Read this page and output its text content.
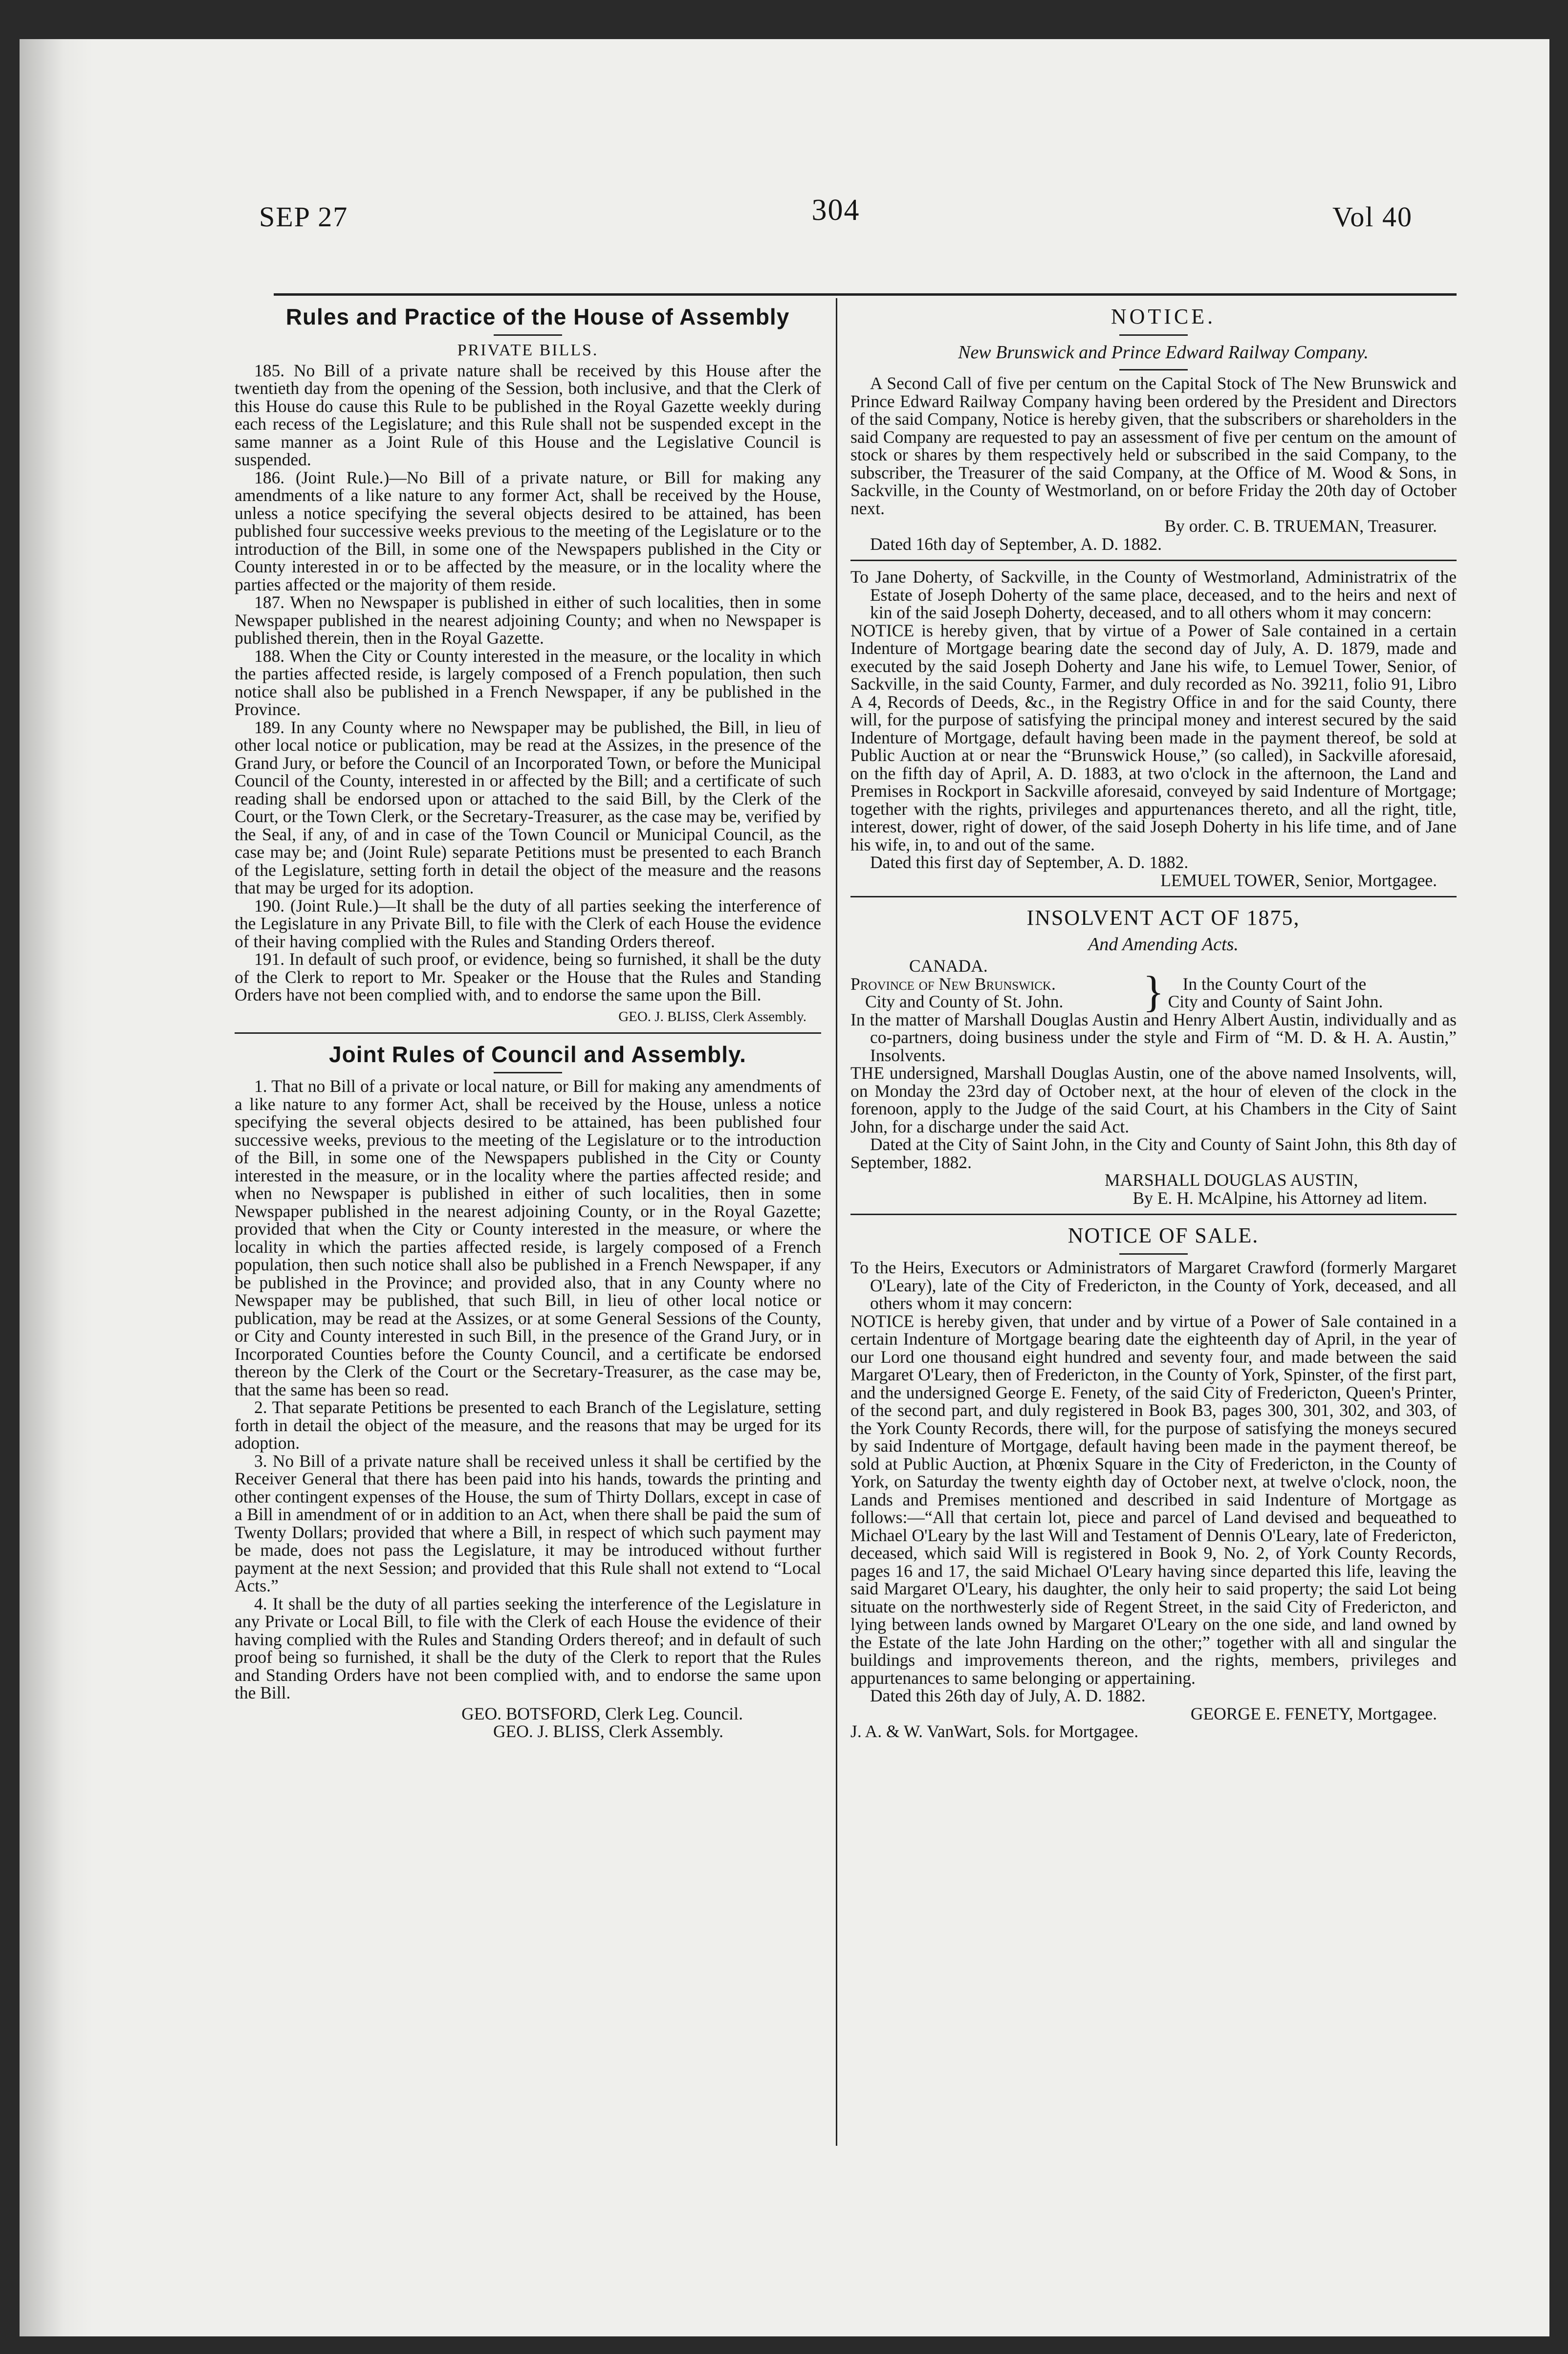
SEP 27	304	Vol 40

Rules and Practice of the House of Assembly

PRIVATE BILLS.

185. No Bill of a private nature shall be received by this House after the twentieth day from the opening of the Session, both inclusive, and that the Clerk of this House do cause this Rule to be published in the Royal Gazette weekly during each recess of the Legislature; and this Rule shall not be suspended except in the same manner as a Joint Rule of this House and the Legislative Council is suspended.

186. (Joint Rule.)—No Bill of a private nature, or Bill for making any amendments of a like nature to any former Act, shall be received by the House, unless a notice specifying the several objects desired to be attained, has been published four successive weeks previous to the meeting of the Legislature or to the introduction of the Bill, in some one of the Newspapers published in the City or County interested in or to be affected by the measure, or in the locality where the parties affected or the majority of them reside.

187. When no Newspaper is published in either of such localities, then in some Newspaper published in the nearest adjoining County; and when no Newspaper is published therein, then in the Royal Gazette.

188. When the City or County interested in the measure, or the locality in which the parties affected reside, is largely composed of a French population, then such notice shall also be published in a French Newspaper, if any be published in the Province.

189. In any County where no Newspaper may be published, the Bill, in lieu of other local notice or publication, may be read at the Assizes, in the presence of the Grand Jury, or before the Council of an Incorporated Town, or before the Municipal Council of the County, interested in or affected by the Bill; and a certificate of such reading shall be endorsed upon or attached to the said Bill, by the Clerk of the Court, or the Town Clerk, or the Secretary-Treasurer, as the case may be, verified by the Seal, if any, of and in case of the Town Council or Municipal Council, as the case may be; and (Joint Rule) separate Petitions must be presented to each Branch of the Legislature, setting forth in detail the object of the measure and the reasons that may be urged for its adoption.

190. (Joint Rule.)—It shall be the duty of all parties seeking the interference of the Legislature in any Private Bill, to file with the Clerk of each House the evidence of their having complied with the Rules and Standing Orders thereof.

191. In default of such proof, or evidence, being so furnished, it shall be the duty of the Clerk to report to Mr. Speaker or the House that the Rules and Standing Orders have not been complied with, and to endorse the same upon the Bill.

GEO. J. BLISS, Clerk Assembly.

Joint Rules of Council and Assembly.

1. That no Bill of a private or local nature, or Bill for making any amendments of a like nature to any former Act, shall be received by the House, unless a notice specifying the several objects desired to be attained, has been published four successive weeks, previous to the meeting of the Legislature or to the introduction of the Bill, in some one of the Newspapers published in the City or County interested in the measure, or in the locality where the parties affected reside; and when no Newspaper is published in either of such localities, then in some Newspaper published in the nearest adjoining County, or in the Royal Gazette; provided that when the City or County interested in the measure, or where the locality in which the parties affected reside, is largely composed of a French population, then such notice shall also be published in a French Newspaper, if any be published in the Province; and provided also, that in any County where no Newspaper may be published, that such Bill, in lieu of other local notice or publication, may be read at the Assizes, or at some General Sessions of the County, or City and County interested in such Bill, in the presence of the Grand Jury, or in Incorporated Counties before the County Council, and a certificate be endorsed thereon by the Clerk of the Court or the Secretary-Treasurer, as the case may be, that the same has been so read.

2. That separate Petitions be presented to each Branch of the Legislature, setting forth in detail the object of the measure, and the reasons that may be urged for its adoption.

3. No Bill of a private nature shall be received unless it shall be certified by the Receiver General that there has been paid into his hands, towards the printing and other contingent expenses of the House, the sum of Thirty Dollars, except in case of a Bill in amendment of or in addition to an Act, when there shall be paid the sum of Twenty Dollars; provided that where a Bill, in respect of which such payment may be made, does not pass the Legislature, it may be introduced without further payment at the next Session; and provided that this Rule shall not extend to “Local Acts.”

4. It shall be the duty of all parties seeking the interference of the Legislature in any Private or Local Bill, to file with the Clerk of each House the evidence of their having complied with the Rules and Standing Orders thereof; and in default of such proof being so furnished, it shall be the duty of the Clerk to report that the Rules and Standing Orders have not been complied with, and to endorse the same upon the Bill.

GEO. BOTSFORD, Clerk Leg. Council.

GEO. J. BLISS, Clerk Assembly.

NOTICE.

New Brunswick and Prince Edward Railway Company.

A Second Call of five per centum on the Capital Stock of The New Brunswick and Prince Edward Railway Company having been ordered by the President and Directors of the said Company, Notice is hereby given, that the subscribers or shareholders in the said Company are requested to pay an assessment of five per centum on the amount of stock or shares by them respectively held or subscribed in the said Company, to the subscriber, the Treasurer of the said Company, at the Office of M. Wood & Sons, in Sackville, in the County of Westmorland, on or before Friday the 20th day of October next.

By order. C. B. TRUEMAN, Treasurer.

Dated 16th day of September, A. D. 1882.

To Jane Doherty, of Sackville, in the County of Westmorland, Administratrix of the Estate of Joseph Doherty of the same place, deceased, and to the heirs and next of kin of the said Joseph Doherty, deceased, and to all others whom it may concern:

NOTICE is hereby given, that by virtue of a Power of Sale contained in a certain Indenture of Mortgage bearing date the second day of July, A. D. 1879, made and executed by the said Joseph Doherty and Jane his wife, to Lemuel Tower, Senior, of Sackville, in the said County, Farmer, and duly recorded as No. 39211, folio 91, Libro A 4, Records of Deeds, &c., in the Registry Office in and for the said County, there will, for the purpose of satisfying the principal money and interest secured by the said Indenture of Mortgage, default having been made in the payment thereof, be sold at Public Auction at or near the “Brunswick House,” (so called), in Sackville aforesaid, on the fifth day of April, A. D. 1883, at two o'clock in the afternoon, the Land and Premises in Rockport in Sackville aforesaid, conveyed by said Indenture of Mortgage; together with the rights, privileges and appurtenances thereto, and all the right, title, interest, dower, right of dower, of the said Joseph Doherty in his life time, and of Jane his wife, in, to and out of the same.

Dated this first day of September, A. D. 1882.

LEMUEL TOWER, Senior, Mortgagee.

INSOLVENT ACT OF 1875,

And Amending Acts.

CANADA.

Province of New Brunswick.
City and County of St. John.	}	In the County Court of the
City and County of Saint John.

In the matter of Marshall Douglas Austin and Henry Albert Austin, individually and as co-partners, doing business under the style and Firm of “M. D. & H. A. Austin,” Insolvents.

THE undersigned, Marshall Douglas Austin, one of the above named Insolvents, will, on Monday the 23rd day of October next, at the hour of eleven of the clock in the forenoon, apply to the Judge of the said Court, at his Chambers in the City of Saint John, for a discharge under the said Act.

Dated at the City of Saint John, in the City and County of Saint John, this 8th day of September, 1882.

MARSHALL DOUGLAS AUSTIN,

By E. H. McAlpine, his Attorney ad litem.

NOTICE OF SALE.

To the Heirs, Executors or Administrators of Margaret Crawford (formerly Margaret O'Leary), late of the City of Fredericton, in the County of York, deceased, and all others whom it may concern:

NOTICE is hereby given, that under and by virtue of a Power of Sale contained in a certain Indenture of Mortgage bearing date the eighteenth day of April, in the year of our Lord one thousand eight hundred and seventy four, and made between the said Margaret O'Leary, then of Fredericton, in the County of York, Spinster, of the first part, and the undersigned George E. Fenety, of the said City of Fredericton, Queen's Printer, of the second part, and duly registered in Book B3, pages 300, 301, 302, and 303, of the York County Records, there will, for the purpose of satisfying the moneys secured by said Indenture of Mortgage, default having been made in the payment thereof, be sold at Public Auction, at Phœnix Square in the City of Fredericton, in the County of York, on Saturday the twenty eighth day of October next, at twelve o'clock, noon, the Lands and Premises mentioned and described in said Indenture of Mortgage as follows:—“All that certain lot, piece and parcel of Land devised and bequeathed to Michael O'Leary by the last Will and Testament of Dennis O'Leary, late of Fredericton, deceased, which said Will is registered in Book 9, No. 2, of York County Records, pages 16 and 17, the said Michael O'Leary having since departed this life, leaving the said Margaret O'Leary, his daughter, the only heir to said property; the said Lot being situate on the northwesterly side of Regent Street, in the said City of Fredericton, and lying between lands owned by Margaret O'Leary on the one side, and land owned by the Estate of the late John Harding on the other;” together with all and singular the buildings and improvements thereon, and the rights, members, privileges and appurtenances to same belonging or appertaining.

Dated this 26th day of July, A. D. 1882.

GEORGE E. FENETY, Mortgagee.

J. A. & W. VanWart, Sols. for Mortgagee.
